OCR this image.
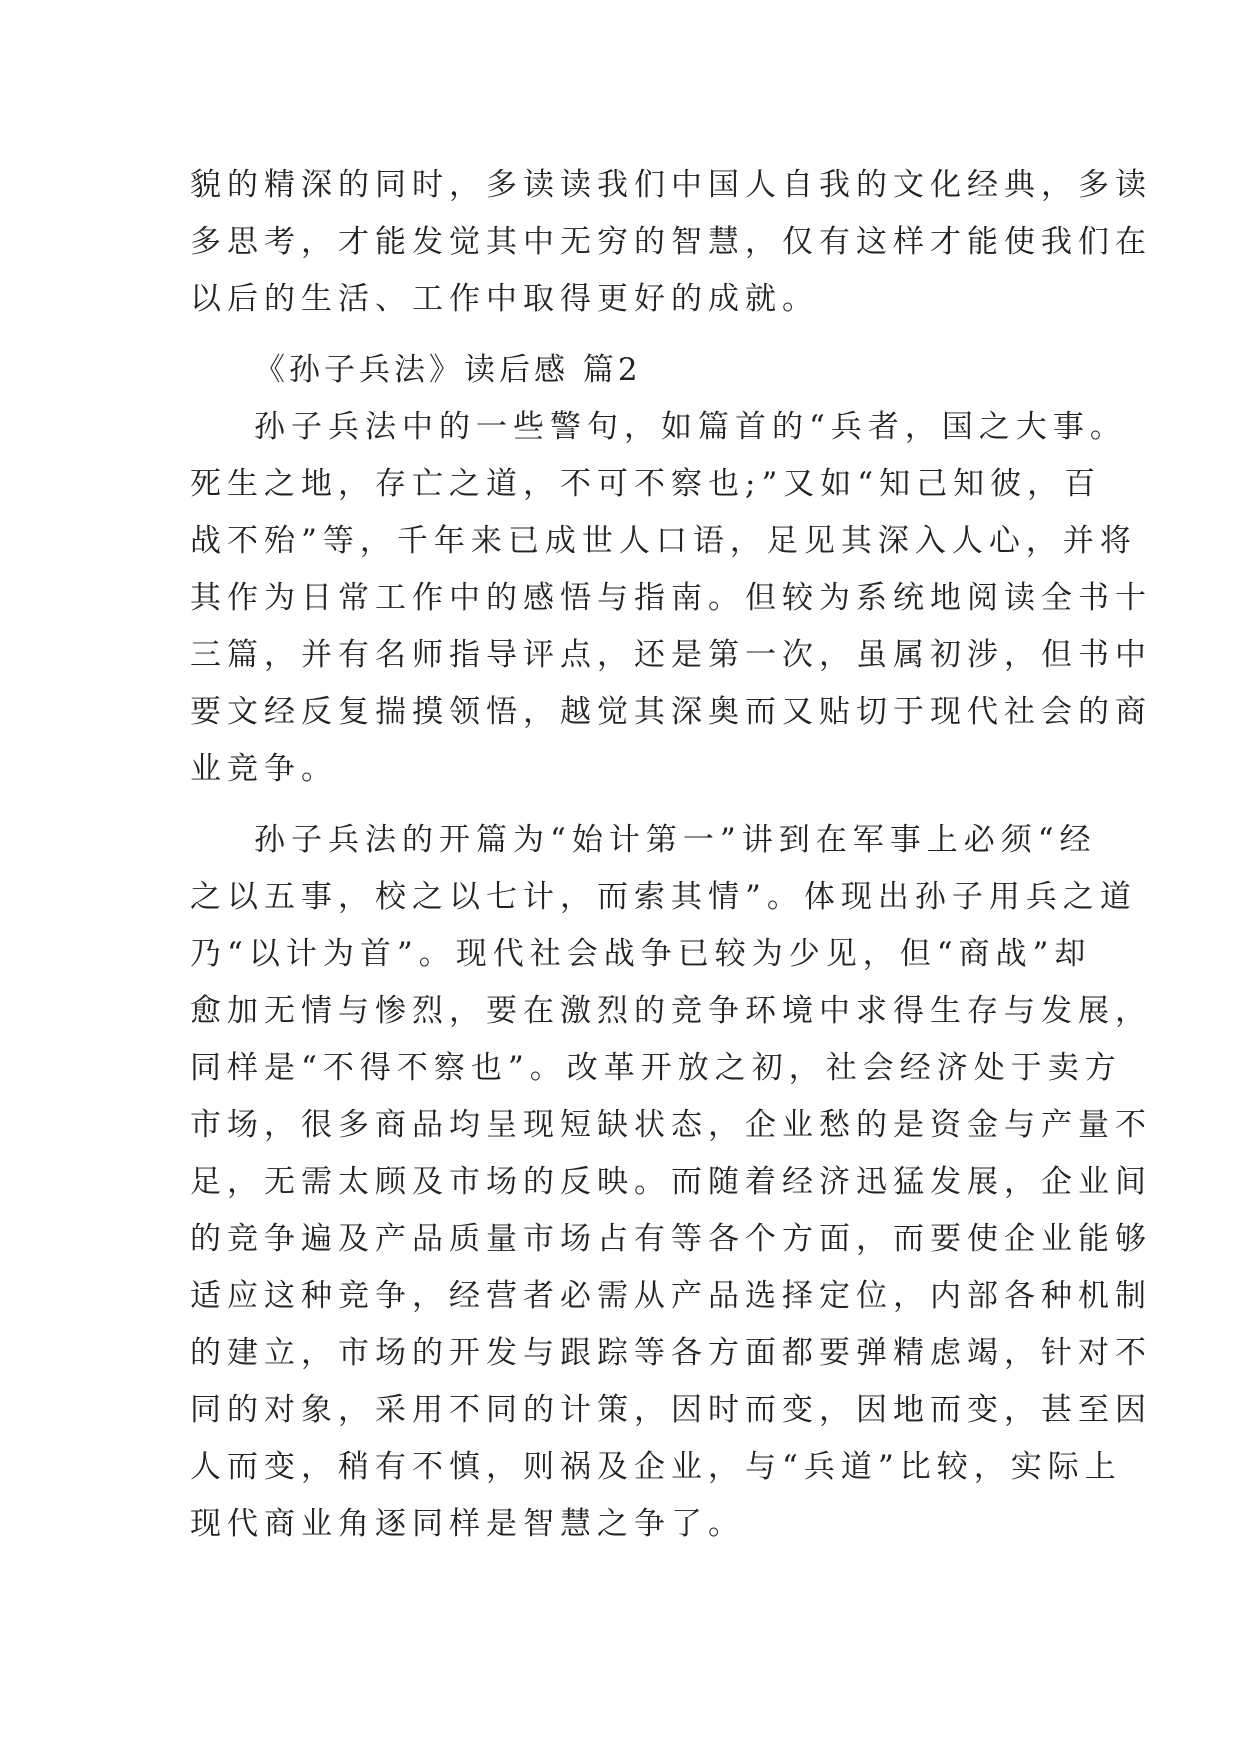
貌的精深的同时，多读读我们中国人自我的文化经典，多读
多思考，才能发觉其中无穷的智慧，仅有这样才能使我们在
以后的生活、工作中取得更好的成就。
《孙子兵法》读后感 篇2
孙子兵法中的一些警句，如篇首的“兵者，国之大事。
死生之地，存亡之道，不可不察也;”又如“知己知彼，百
战不殆”等，千年来已成世人口语，足见其深入人心，并将
其作为日常工作中的感悟与指南。但较为系统地阅读全书十
三篇，并有名师指导评点，还是第一次，虽属初涉，但书中
要文经反复揣摸领悟，越觉其深奥而又贴切于现代社会的商
业竞争。
孙子兵法的开篇为“始计第一”讲到在军事上必须“经
之以五事，校之以七计，而索其情”。体现出孙子用兵之道
乃“以计为首”。现代社会战争已较为少见，但“商战”却
愈加无情与惨烈，要在激烈的竞争环境中求得生存与发展，
同样是“不得不察也”。改革开放之初，社会经济处于卖方
市场，很多商品均呈现短缺状态，企业愁的是资金与产量不
足，无需太顾及市场的反映。而随着经济迅猛发展，企业间
的竞争遍及产品质量市场占有等各个方面，而要使企业能够
适应这种竞争，经营者必需从产品选择定位，内部各种机制
的建立，市场的开发与跟踪等各方面都要弹精虑竭，针对不
同的对象，采用不同的计策，因时而变，因地而变，甚至因
人而变，稍有不慎，则祸及企业，与“兵道”比较，实际上
现代商业角逐同样是智慧之争了。
